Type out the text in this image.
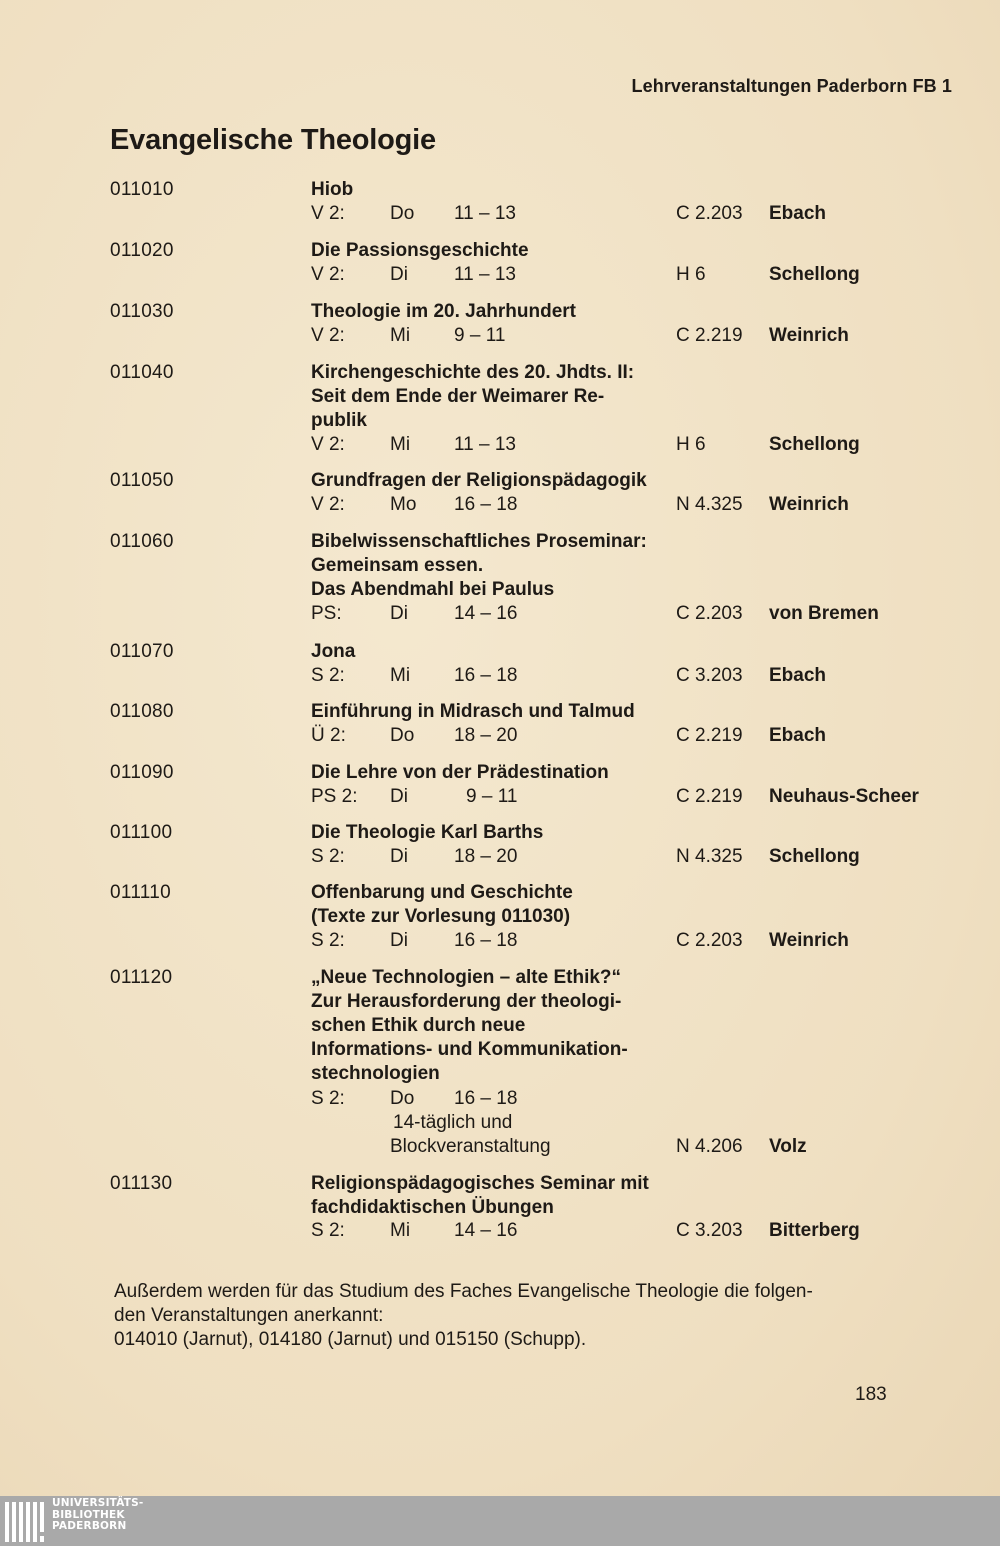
Lehrveranstaltungen Paderborn FB 1
Evangelische Theologie
011010	Hiob
V 2: Do 11 – 13	C 2.203 Ebach
011020	Die Passionsgeschichte
V 2: Di 11 – 13	H 6	Schellong
011030	Theologie im 20. Jahrhundert
V 2: Mi 9 – 11	C 2.219 Weinrich
011040	Kirchengeschichte des 20. Jhdts. II:
Seit dem Ende der Weimarer Re-
publik
V 2: Mi 11 – 13	H 6	Schellong
011050	Grundfragen der Religionspädagogik
V 2: Mo 16 – 18	N 4.325 Weinrich
011060	Bibelwissenschaftliches Proseminar:
Gemeinsam essen.
Das Abendmahl bei Paulus
PS:	Di 14 – 16	C 2.203 von Bremen
011070	Jona
S 2: Mi 16 – 18	C 3.203 Ebach
011080	Einführung in Midrasch und Talmud
Ü 2: Do 18 – 20	C 2.219 Ebach
011090	Die Lehre von der Prädestination
PS 2: Di	9 – 11	C 2.219 Neuhaus-Scheer
011100	Die Theologie Karl Barths
S 2: Di 18 – 20	N 4.325 Schellong
011110	Offenbarung und Geschichte
(Texte zur Vorlesung 011030)
S 2: Di 16 – 18	C 2.203 Weinrich
011120	„Neue Technologien – alte Ethik?“
Zur Herausforderung der theologi-
schen Ethik durch neue
Informations- und Kommunikation-
stechnologien
S 2: Do 16 – 18
14-täglich und
Blockveranstaltung	N 4.206 Volz
011130	Religionspädagogisches Seminar mit
fachdidaktischen Übungen
S 2: Mi 14 – 16	C 3.203 Bitterberg
Außerdem werden für das Studium des Faches Evangelische Theologie die folgen-
den Veranstaltungen anerkannt:
014010 (Jarnut), 014180 (Jarnut) und 015150 (Schupp).
183
UNIVERSITÄTS-
BIBLIOTHEK
PADERBORN
